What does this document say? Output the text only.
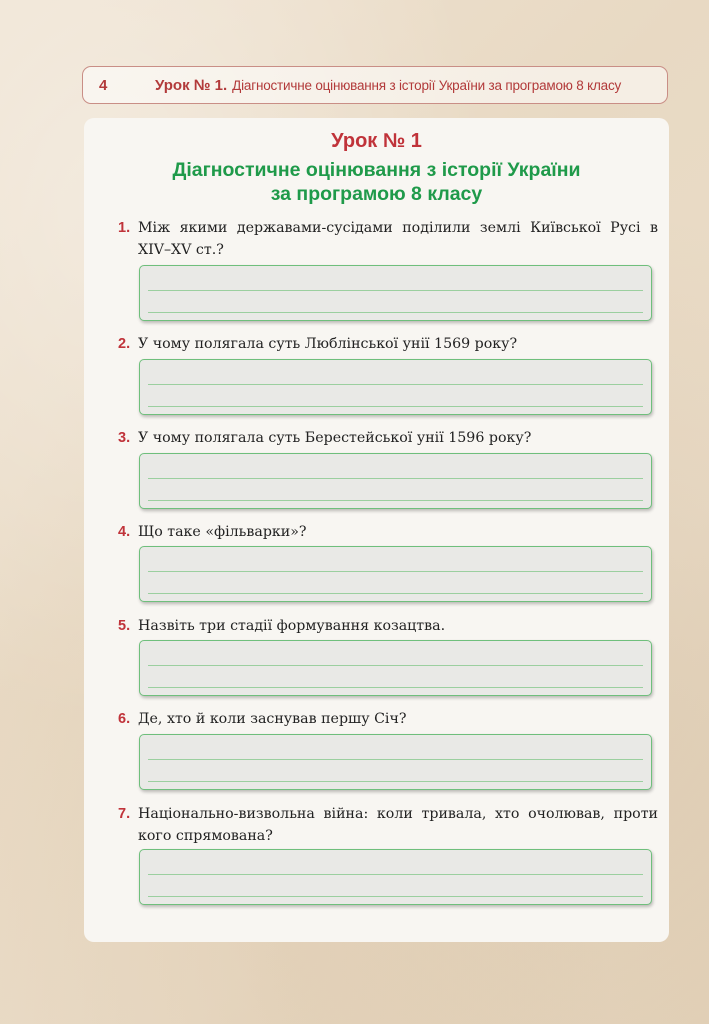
4	Урок № 1. Діагностичне оцінювання з історії України за програмою 8 класу
Урок № 1
Діагностичне оцінювання з історії України
за програмою 8 класу
1. Між якими державами-сусідами поділили землі Київської Русі в XIV–XV ст.?
2. У чому полягала суть Люблінської унії 1569 року?
3. У чому полягала суть Берестейської унії 1596 року?
4. Що таке «фільварки»?
5. Назвіть три стадії формування козацтва.
6. Де, хто й коли заснував першу Січ?
7. Національно-визвольна війна: коли тривала, хто очолював, проти кого спрямована?
